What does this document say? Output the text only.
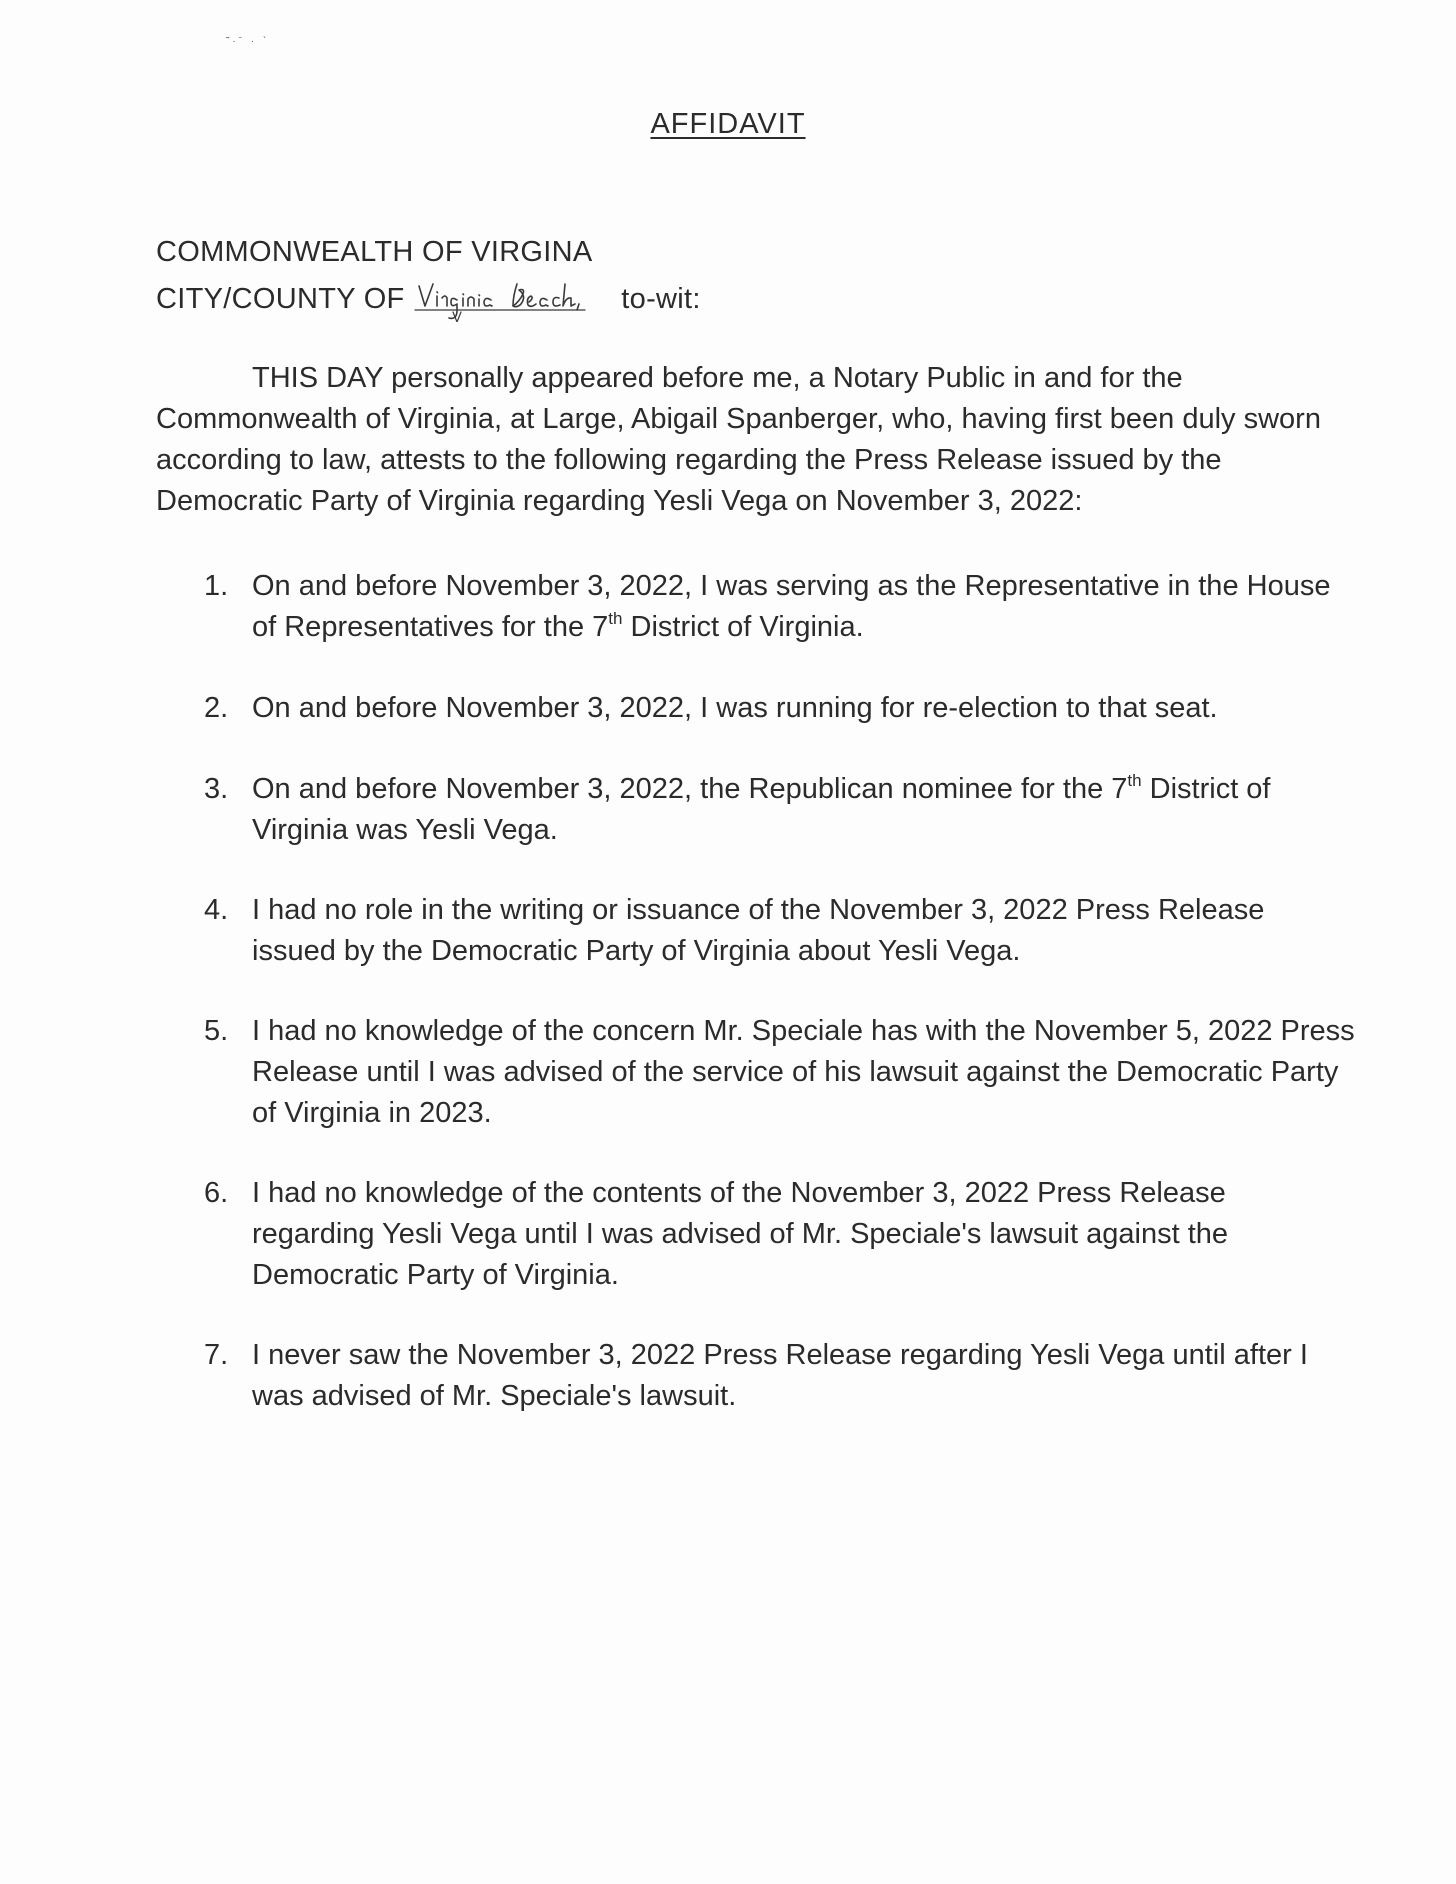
˜·ˉ · ˋ
AFFIDAVIT
COMMONWEALTH OF VIRGINA
CITY/COUNTY OF	to-wit:

THIS DAY personally appeared before me, a Notary Public in and for the Commonwealth of Virginia, at Large, Abigail Spanberger, who, having first been duly sworn according to law, attests to the following regarding the Press Release issued by the Democratic Party of Virginia regarding Yesli Vega on November 3, 2022:

1. On and before November 3, 2022, I was serving as the Representative in the House of Representatives for the 7th District of Virginia.
2. On and before November 3, 2022, I was running for re-election to that seat.
3. On and before November 3, 2022, the Republican nominee for the 7th District of Virginia was Yesli Vega.
4. I had no role in the writing or issuance of the November 3, 2022 Press Release issued by the Democratic Party of Virginia about Yesli Vega.
5. I had no knowledge of the concern Mr. Speciale has with the November 5, 2022 Press Release until I was advised of the service of his lawsuit against the Democratic Party of Virginia in 2023.
6. I had no knowledge of the contents of the November 3, 2022 Press Release regarding Yesli Vega until I was advised of Mr. Speciale's lawsuit against the Democratic Party of Virginia.
7. I never saw the November 3, 2022 Press Release regarding Yesli Vega until after I was advised of Mr. Speciale's lawsuit.
